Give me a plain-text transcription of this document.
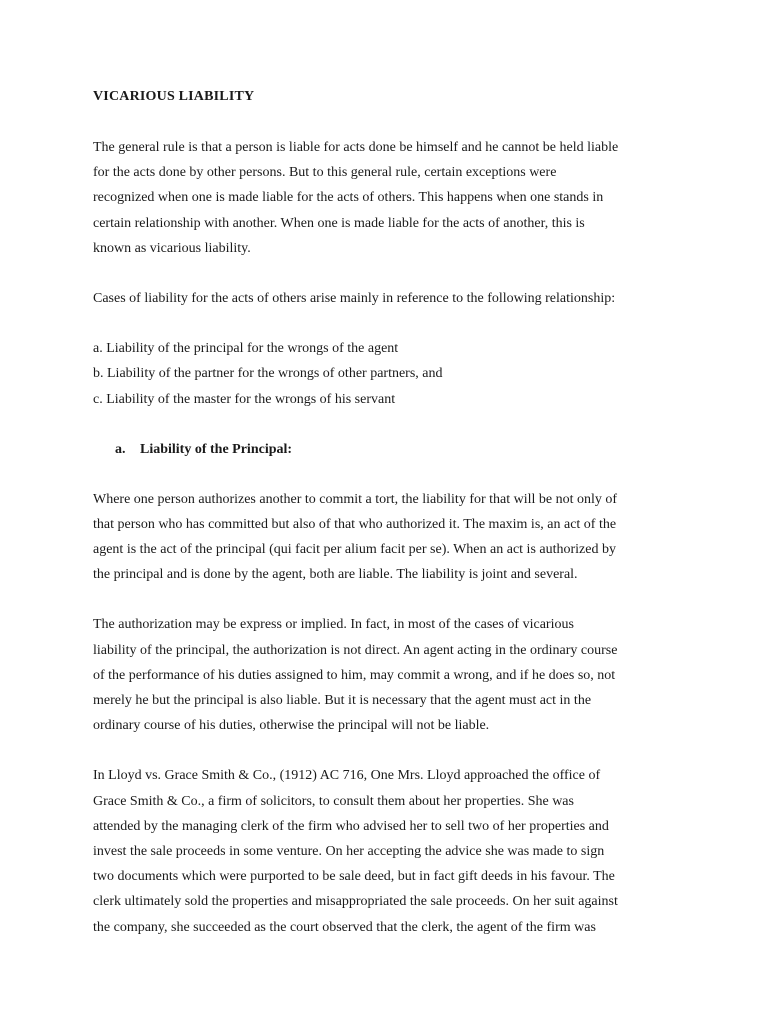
VICARIOUS LIABILITY
The general rule is that a person is liable for acts done be himself and he cannot be held liable
for the acts done by other persons. But to this general rule, certain exceptions were
recognized when one is made liable for the acts of others. This happens when one stands in
certain relationship with another. When one is made liable for the acts of another, this is
known as vicarious liability.
Cases of liability for the acts of others arise mainly in reference to the following relationship:
a. Liability of the principal for the wrongs of the agent
b. Liability of the partner for the wrongs of other partners, and
c. Liability of the master for the wrongs of his servant
a. Liability of the Principal:
Where one person authorizes another to commit a tort, the liability for that will be not only of
that person who has committed but also of that who authorized it. The maxim is, an act of the
agent is the act of the principal (qui facit per alium facit per se). When an act is authorized by
the principal and is done by the agent, both are liable. The liability is joint and several.
The authorization may be express or implied. In fact, in most of the cases of vicarious
liability of the principal, the authorization is not direct. An agent acting in the ordinary course
of the performance of his duties assigned to him, may commit a wrong, and if he does so, not
merely he but the principal is also liable. But it is necessary that the agent must act in the
ordinary course of his duties, otherwise the principal will not be liable.
In Lloyd vs. Grace Smith & Co., (1912) AC 716, One Mrs. Lloyd approached the office of
Grace Smith & Co., a firm of solicitors, to consult them about her properties. She was
attended by the managing clerk of the firm who advised her to sell two of her properties and
invest the sale proceeds in some venture. On her accepting the advice she was made to sign
two documents which were purported to be sale deed, but in fact gift deeds in his favour. The
clerk ultimately sold the properties and misappropriated the sale proceeds. On her suit against
the company, she succeeded as the court observed that the clerk, the agent of the firm was
